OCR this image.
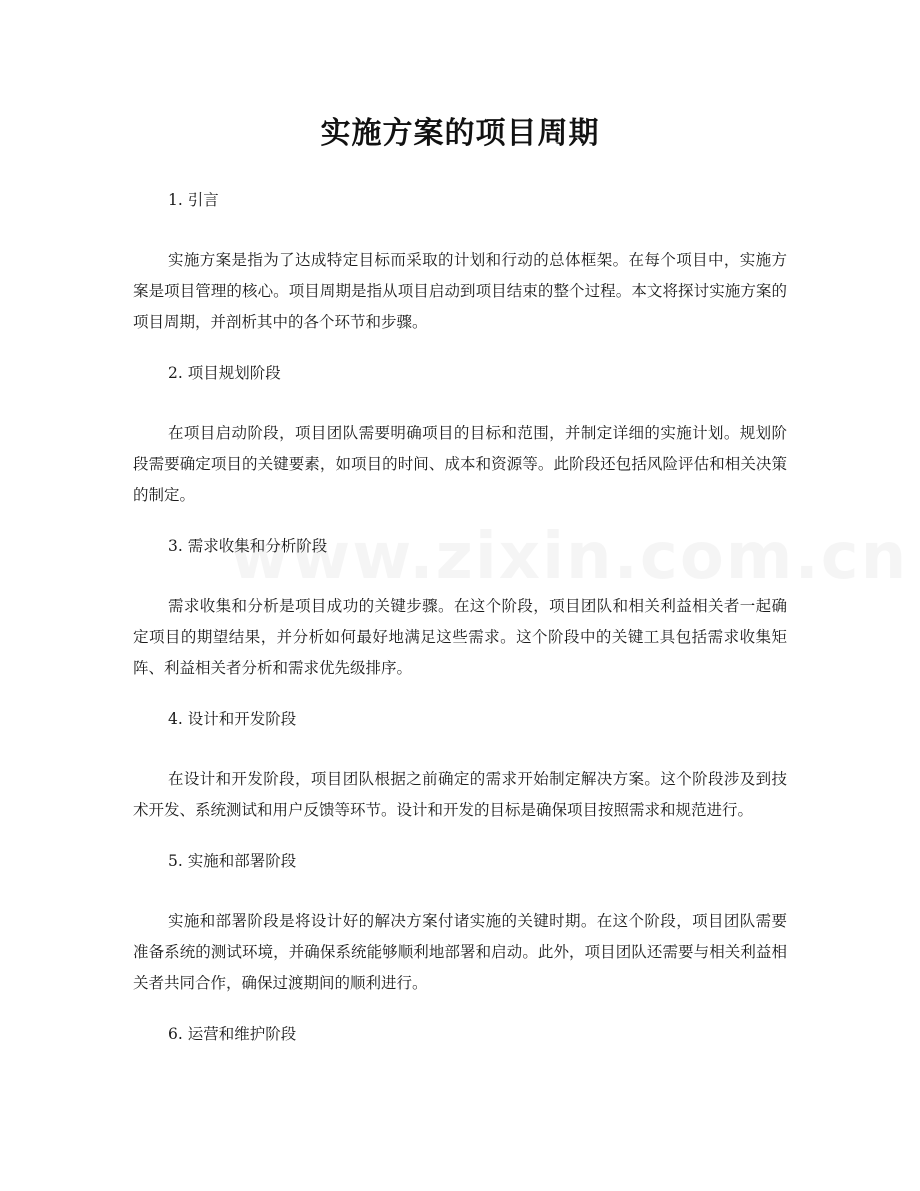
实施方案的项目周期

1. 引言

实施方案是指为了达成特定目标而采取的计划和行动的总体框架。在每个项目中，实施方案是项目管理的核心。项目周期是指从项目启动到项目结束的整个过程。本文将探讨实施方案的项目周期，并剖析其中的各个环节和步骤。

2. 项目规划阶段

在项目启动阶段，项目团队需要明确项目的目标和范围，并制定详细的实施计划。规划阶段需要确定项目的关键要素，如项目的时间、成本和资源等。此阶段还包括风险评估和相关决策的制定。

3. 需求收集和分析阶段

需求收集和分析是项目成功的关键步骤。在这个阶段，项目团队和相关利益相关者一起确定项目的期望结果，并分析如何最好地满足这些需求。这个阶段中的关键工具包括需求收集矩阵、利益相关者分析和需求优先级排序。

4. 设计和开发阶段

在设计和开发阶段，项目团队根据之前确定的需求开始制定解决方案。这个阶段涉及到技术开发、系统测试和用户反馈等环节。设计和开发的目标是确保项目按照需求和规范进行。

5. 实施和部署阶段

实施和部署阶段是将设计好的解决方案付诸实施的关键时期。在这个阶段，项目团队需要准备系统的测试环境，并确保系统能够顺利地部署和启动。此外，项目团队还需要与相关利益相关者共同合作，确保过渡期间的顺利进行。

6. 运营和维护阶段
